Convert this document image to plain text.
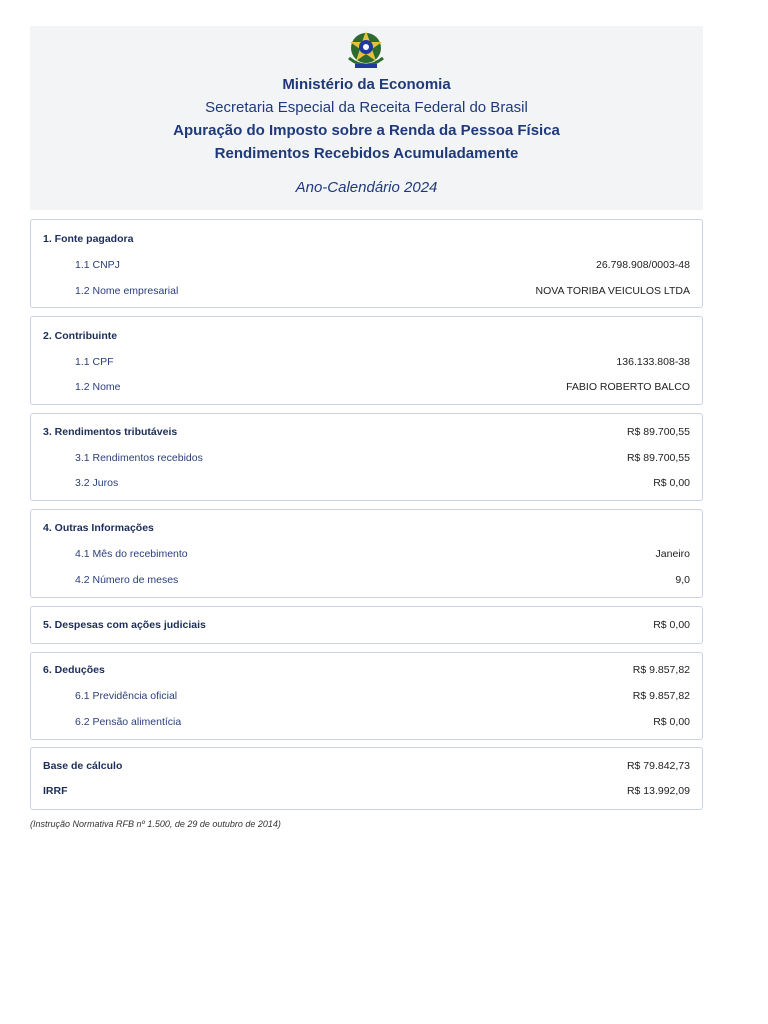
Ministério da Economia
Secretaria Especial da Receita Federal do Brasil
Apuração do Imposto sobre a Renda da Pessoa Física
Rendimentos Recebidos Acumuladamente
Ano-Calendário 2024
1. Fonte pagadora
1.1 CNPJ	26.798.908/0003-48
1.2 Nome empresarial	NOVA TORIBA VEICULOS LTDA
2. Contribuinte
1.1 CPF	136.133.808-38
1.2 Nome	FABIO ROBERTO BALCO
3. Rendimentos tributáveis	R$ 89.700,55
3.1 Rendimentos recebidos	R$ 89.700,55
3.2 Juros	R$ 0,00
4. Outras Informações
4.1 Mês do recebimento	Janeiro
4.2 Número de meses	9,0
5. Despesas com ações judiciais	R$ 0,00
6. Deduções	R$ 9.857,82
6.1 Previdência oficial	R$ 9.857,82
6.2 Pensão alimentícia	R$ 0,00
Base de cálculo	R$ 79.842,73
IRRF	R$ 13.992,09
(Instrução Normativa RFB nº 1.500, de 29 de outubro de 2014)
